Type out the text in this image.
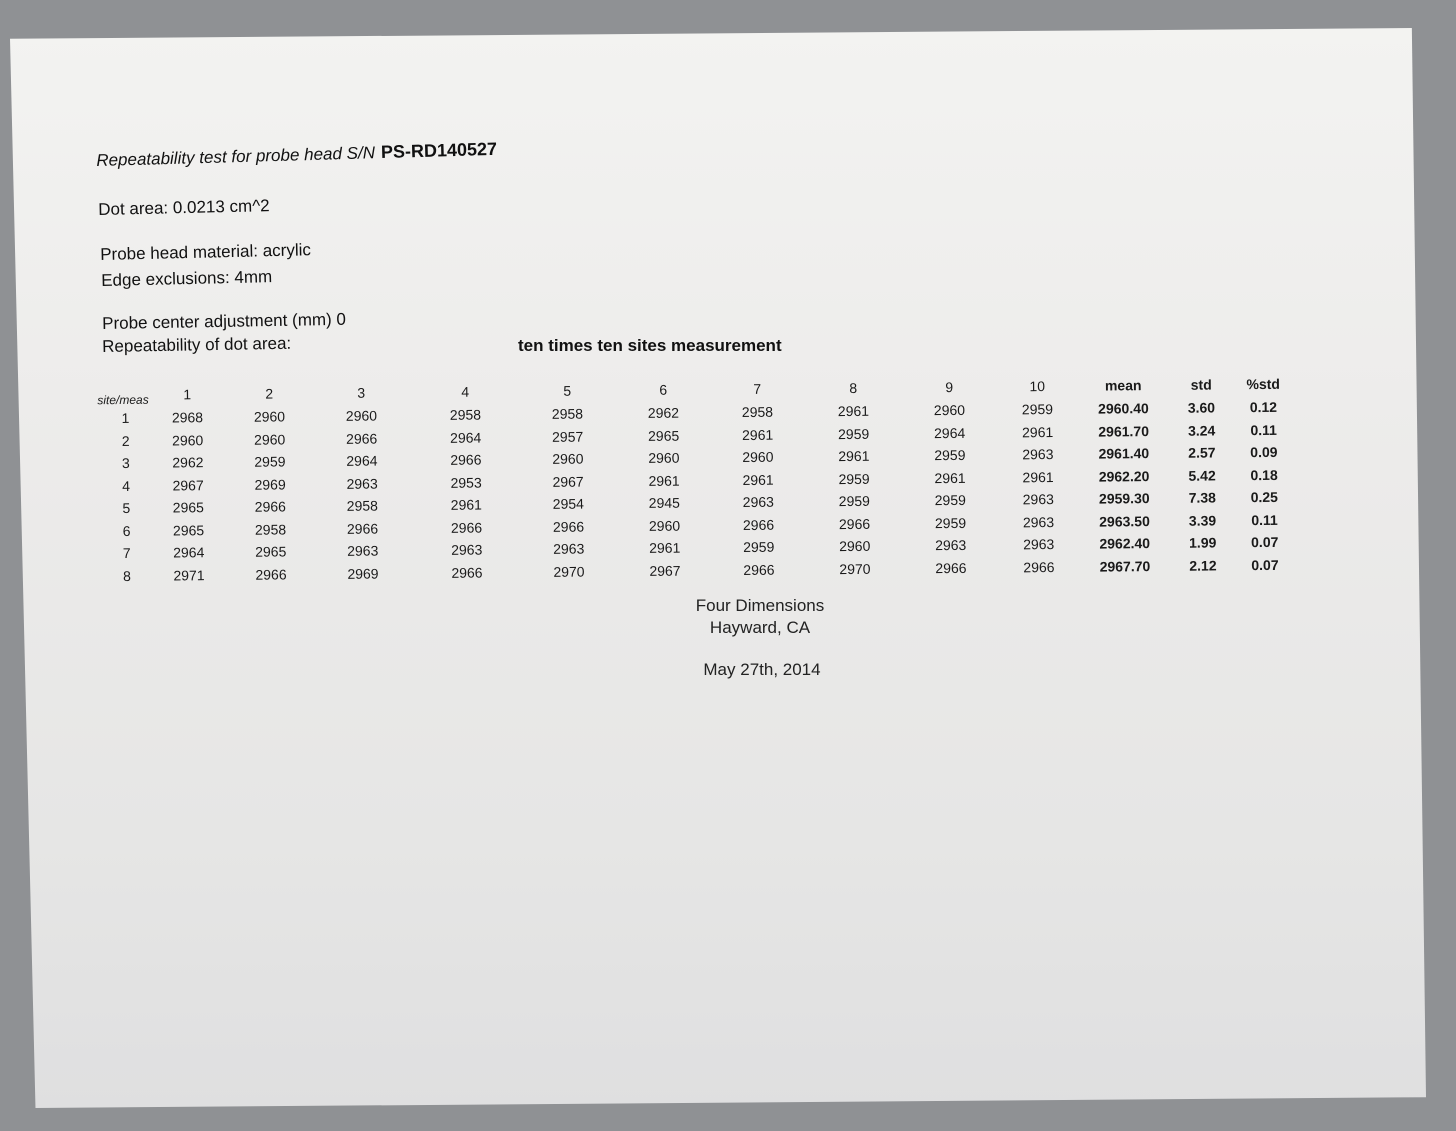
Repeatability test for probe head S/N PS-RD140527
Dot area: 0.0213 cm^2
Probe head material: acrylic
Edge exclusions: 4mm
Probe center adjustment (mm) 0
Repeatability of dot area:	ten times ten sites measurement
site/meas 1	2	3	4	5	6	7	8	9	10	mean	std %std
1	2968	2960	2960	2958	2958	2962	2958	2961	2960	2959	2960.40	3.60 0.12
2	2960	2960	2966	2964	2957	2965	2961	2959	2964	2961	2961.70	3.24 0.11
3	2962	2959	2964	2966	2960	2960	2960	2961	2959	2963	2961.40	2.57 0.09
4	2967	2969	2963	2953	2967	2961	2961	2959	2961	2961	2962.20	5.42 0.18
5	2965	2966	2958	2961	2954	2945	2963	2959	2959	2963	2959.30	7.38 0.25
6	2965	2958	2966	2966	2966	2960	2966	2966	2959	2963	2963.50	3.39 0.11
7	2964	2965	2963	2963	2963	2961	2959	2960	2963	2963	2962.40	1.99 0.07
8	2971	2966	2969	2966	2970	2967	2966	2970	2966	2966	2967.70	2.12 0.07
Four Dimensions
Hayward, CA
May 27th, 2014
